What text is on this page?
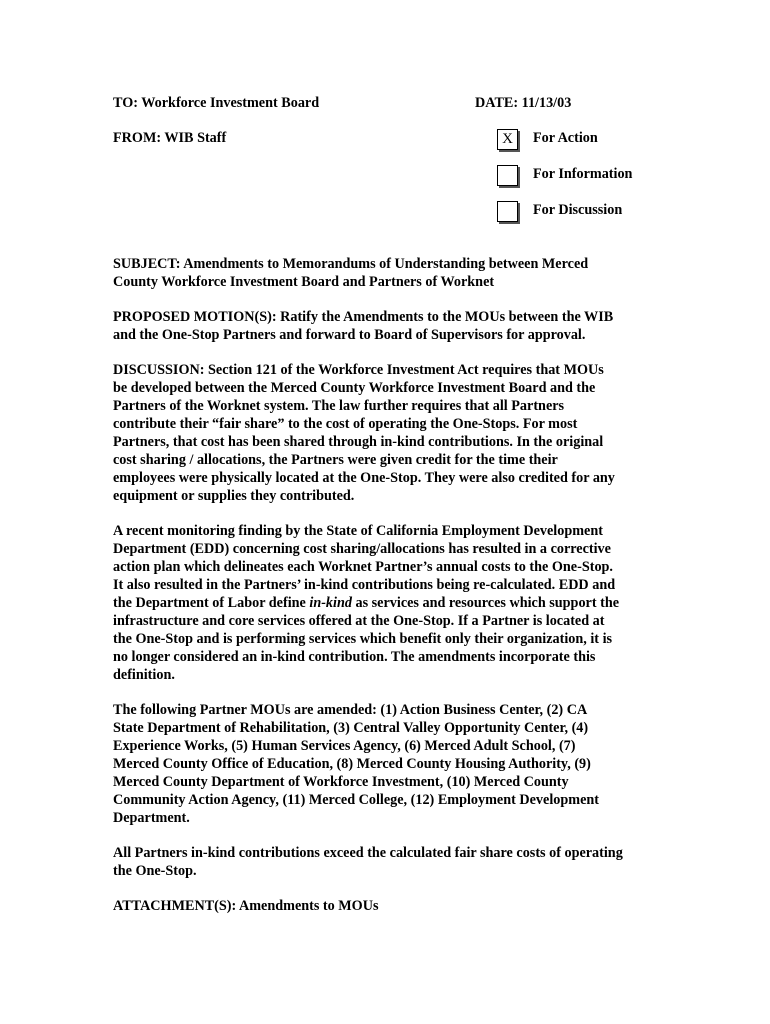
TO: Workforce Investment Board	DATE: 11/13/03
FROM: WIB Staff	X	For Action
For Information
For Discussion

SUBJECT: Amendments to Memorandums of Understanding between Merced
County Workforce Investment Board and Partners of Worknet

PROPOSED MOTION(S): Ratify the Amendments to the MOUs between the WIB
and the One-Stop Partners and forward to Board of Supervisors for approval.

DISCUSSION: Section 121 of the Workforce Investment Act requires that MOUs
be developed between the Merced County Workforce Investment Board and the
Partners of the Worknet system. The law further requires that all Partners
contribute their “fair share” to the cost of operating the One-Stops. For most
Partners, that cost has been shared through in-kind contributions. In the original
cost sharing / allocations, the Partners were given credit for the time their
employees were physically located at the One-Stop. They were also credited for any
equipment or supplies they contributed.

A recent monitoring finding by the State of California Employment Development
Department (EDD) concerning cost sharing/allocations has resulted in a corrective
action plan which delineates each Worknet Partner’s annual costs to the One-Stop.
It also resulted in the Partners’ in-kind contributions being re-calculated. EDD and
the Department of Labor define in-kind as services and resources which support the
infrastructure and core services offered at the One-Stop. If a Partner is located at
the One-Stop and is performing services which benefit only their organization, it is
no longer considered an in-kind contribution. The amendments incorporate this
definition.

The following Partner MOUs are amended: (1) Action Business Center, (2) CA
State Department of Rehabilitation, (3) Central Valley Opportunity Center, (4)
Experience Works, (5) Human Services Agency, (6) Merced Adult School, (7)
Merced County Office of Education, (8) Merced County Housing Authority, (9)
Merced County Department of Workforce Investment, (10) Merced County
Community Action Agency, (11) Merced College, (12) Employment Development
Department.

All Partners in-kind contributions exceed the calculated fair share costs of operating
the One-Stop.

ATTACHMENT(S): Amendments to MOUs
